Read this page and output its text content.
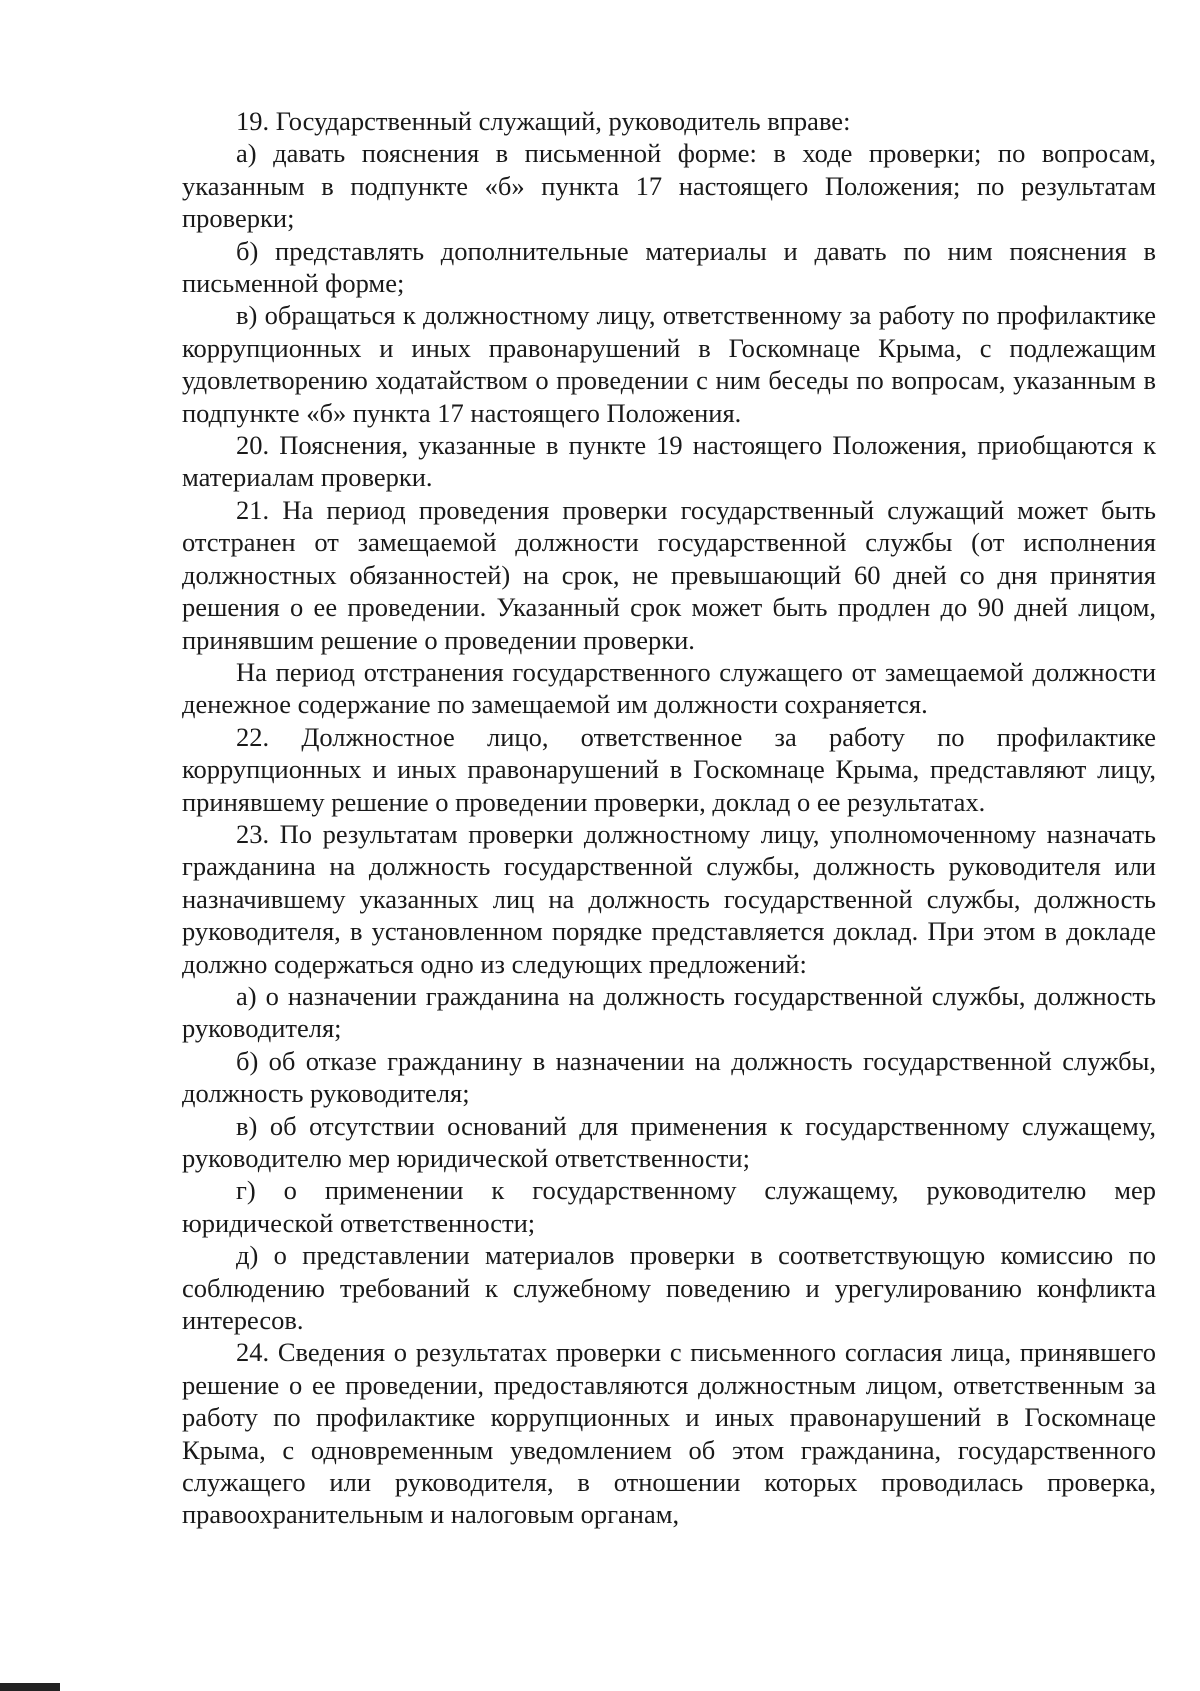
19. Государственный служащий, руководитель вправе:

а) давать пояснения в письменной форме: в ходе проверки; по вопросам, указанным в подпункте «б» пункта 17 настоящего Положения; по результатам проверки;

б) представлять дополнительные материалы и давать по ним пояснения в письменной форме;

в) обращаться к должностному лицу, ответственному за работу по профилактике коррупционных и иных правонарушений в Госкомнаце Крыма, с подлежащим удовлетворению ходатайством о проведении с ним беседы по вопросам, указанным в подпункте «б» пункта 17 настоящего Положения.

20. Пояснения, указанные в пункте 19 настоящего Положения, приобщаются к материалам проверки.

21. На период проведения проверки государственный служащий может быть отстранен от замещаемой должности государственной службы (от исполнения должностных обязанностей) на срок, не превышающий 60 дней со дня принятия решения о ее проведении. Указанный срок может быть продлен до 90 дней лицом, принявшим решение о проведении проверки.

На период отстранения государственного служащего от замещаемой должности денежное содержание по замещаемой им должности сохраняется.

22. Должностное лицо, ответственное за работу по профилактике коррупционных и иных правонарушений в Госкомнаце Крыма, представляют лицу, принявшему решение о проведении проверки, доклад о ее результатах.

23. По результатам проверки должностному лицу, уполномоченному назначать гражданина на должность государственной службы, должность руководителя или назначившему указанных лиц на должность государственной службы, должность руководителя, в установленном порядке представляется доклад. При этом в докладе должно содержаться одно из следующих предложений:

а) о назначении гражданина на должность государственной службы, должность руководителя;

б) об отказе гражданину в назначении на должность государственной службы, должность руководителя;

в) об отсутствии оснований для применения к государственному служащему, руководителю мер юридической ответственности;

г) о применении к государственному служащему, руководителю мер юридической ответственности;

д) о представлении материалов проверки в соответствующую комиссию по соблюдению требований к служебному поведению и урегулированию конфликта интересов.

24. Сведения о результатах проверки с письменного согласия лица, принявшего решение о ее проведении, предоставляются должностным лицом, ответственным за работу по профилактике коррупционных и иных правонарушений в Госкомнаце Крыма, с одновременным уведомлением об этом гражданина, государственного служащего или руководителя, в отношении которых проводилась проверка, правоохранительным и налоговым органам,
